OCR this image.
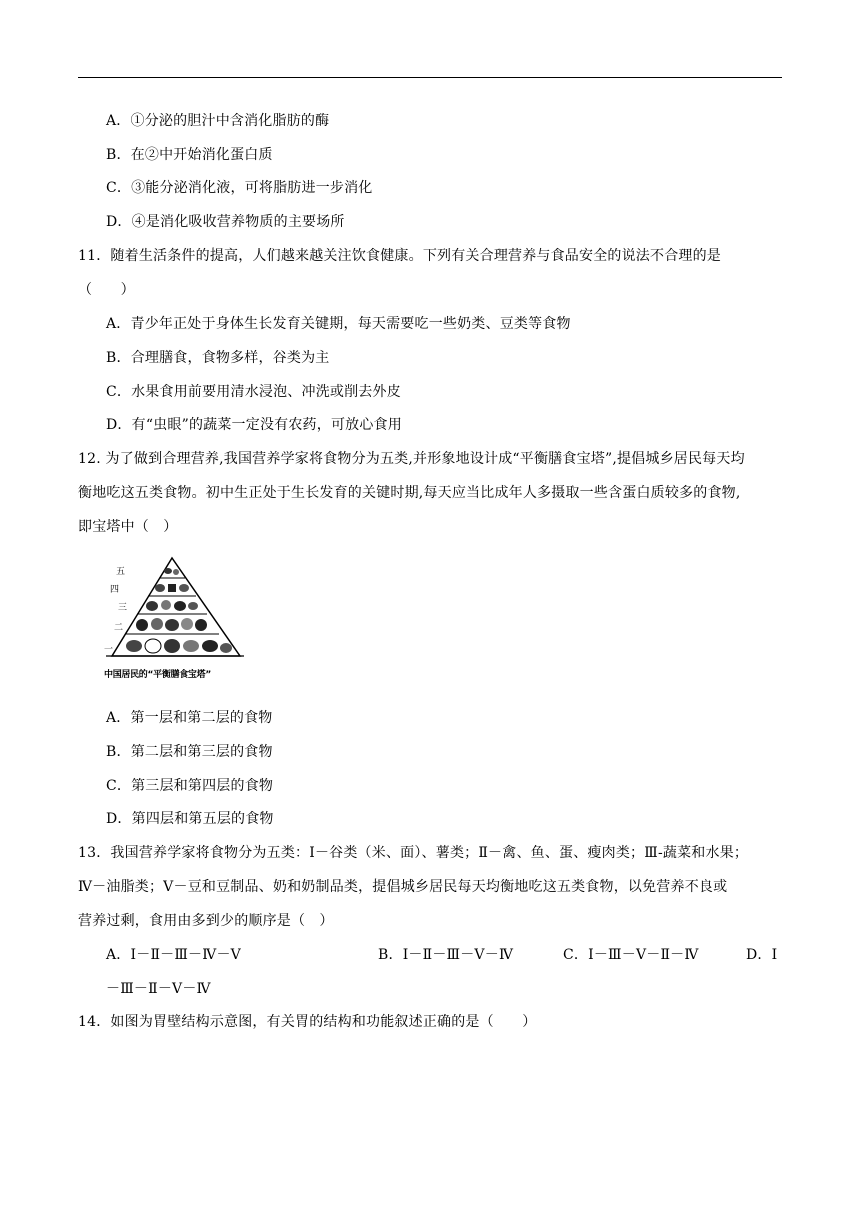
A．①分泌的胆汁中含消化脂肪的酶
B．在②中开始消化蛋白质
C．③能分泌消化液，可将脂肪进一步消化
D．④是消化吸收营养物质的主要场所
11．随着生活条件的提高，人们越来越关注饮食健康。下列有关合理营养与食品安全的说法不合理的是
（　　）
A．青少年正处于身体生长发育关键期，每天需要吃一些奶类、豆类等食物
B．合理膳食，食物多样，谷类为主
C．水果食用前要用清水浸泡、冲洗或削去外皮
D．有“虫眼”的蔬菜一定没有农药，可放心食用
12. 为了做到合理营养,我国营养学家将食物分为五类,并形象地设计成“平衡膳食宝塔”,提倡城乡居民每天均
衡地吃这五类食物。初中生正处于生长发育的关键时期,每天应当比成年人多摄取一些含蛋白质较多的食物,
即宝塔中（　）
五
四
三
二
一
中国居民的“平衡膳食宝塔”
A．第一层和第二层的食物
B．第二层和第三层的食物
C．第三层和第四层的食物
D．第四层和第五层的食物
13．我国营养学家将食物分为五类：Ⅰ－谷类（米、面）、薯类；Ⅱ－禽、鱼、蛋、瘦肉类；Ⅲ-蔬菜和水果；
Ⅳ－油脂类；Ⅴ－豆和豆制品、奶和奶制品类，提倡城乡居民每天均衡地吃这五类食物，以免营养不良或
营养过剩，食用由多到少的顺序是（　）
A．Ⅰ－Ⅱ－Ⅲ－Ⅳ－Ⅴ	B．Ⅰ－Ⅱ－Ⅲ－Ⅴ－Ⅳ	C．Ⅰ－Ⅲ－Ⅴ－Ⅱ－Ⅳ	D．Ⅰ
－Ⅲ－Ⅱ－Ⅴ－Ⅳ
14．如图为胃壁结构示意图，有关胃的结构和功能叙述正确的是（　　）
